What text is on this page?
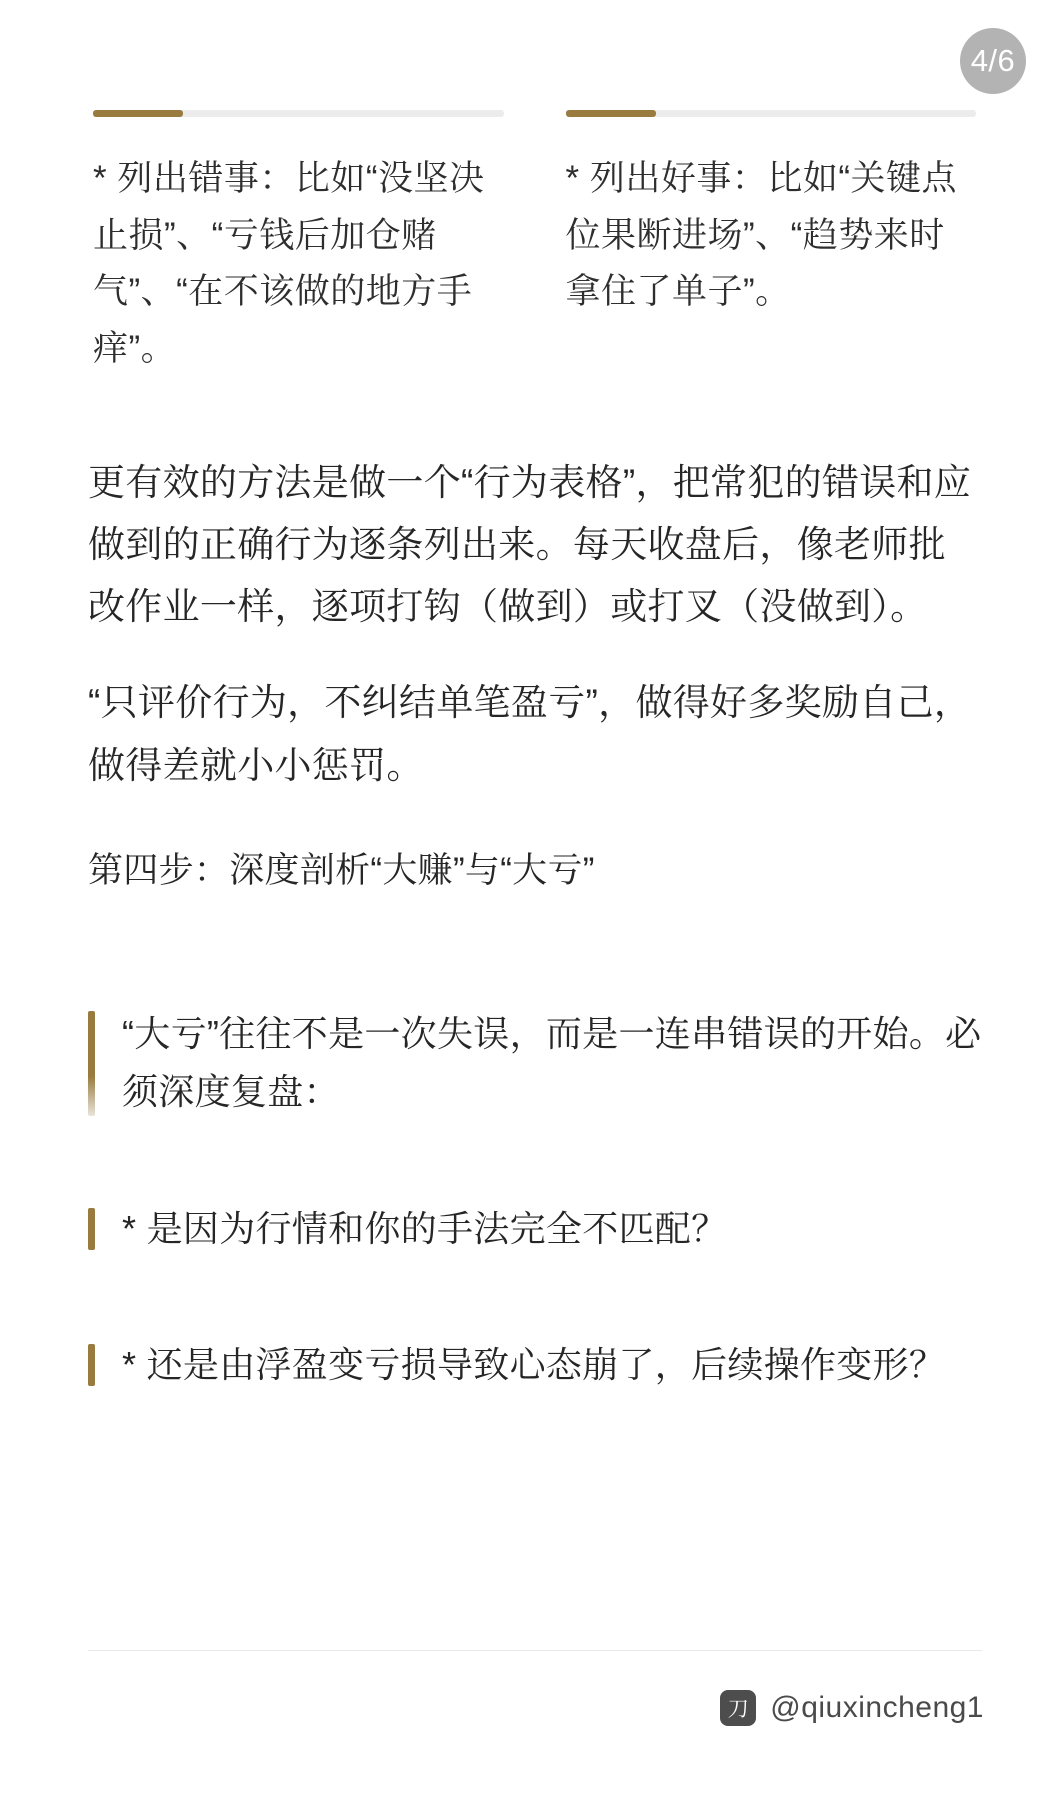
4/6
* 列出错事：比如“没坚决止损”、“亏钱后加仓赌气”、“在不该做的地方手痒”。
* 列出好事：比如“关键点位果断进场”、“趋势来时拿住了单子”。

更有效的方法是做一个“行为表格”，把常犯的错误和应做到的正确行为逐条列出来。每天收盘后，像老师批改作业一样，逐项打钩（做到）或打叉（没做到）。

“只评价行为，不纠结单笔盈亏”，做得好多奖励自己，做得差就小小惩罚。

第四步：深度剖析“大赚”与“大亏”

“大亏”往往不是一次失误，而是一连串错误的开始。必须深度复盘：
* 是因为行情和你的手法完全不匹配？
* 还是由浮盈变亏损导致心态崩了，后续操作变形？
刀 @qiuxincheng1
